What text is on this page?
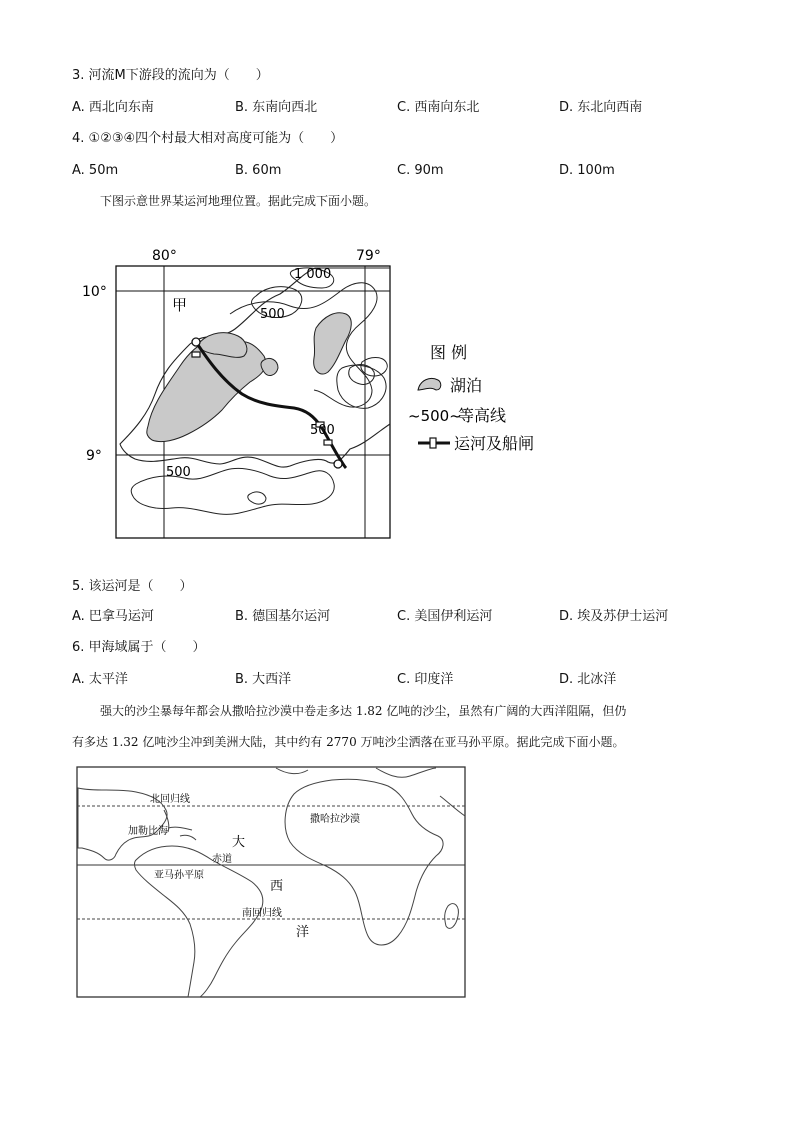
3. 河流M下游段的流向为（　　）
A. 西北向东南	B. 东南向西北	C. 西南向东北	D. 东北向西南
4. ①②③④四个村最大相对高度可能为（　　）
A. 50m	B. 60m	C. 90m	D. 100m
下图示意世界某运河地理位置。据此完成下面小题。
80°	79°
10°
9°
甲
1 000
500
500
500
图 例
湖泊
~500~
等高线
运河及船闸
5. 该运河是（　　）
A. 巴拿马运河	B. 德国基尔运河	C. 美国伊利运河	D. 埃及苏伊士运河
6. 甲海域属于（　　）
A. 太平洋	B. 大西洋	C. 印度洋	D. 北冰洋
强大的沙尘暴每年都会从撒哈拉沙漠中卷走多达 1.82 亿吨的沙尘，虽然有广阔的大西洋阻隔，但仍
有多达 1.32 亿吨沙尘冲到美洲大陆，其中约有 2770 万吨沙尘洒落在亚马孙平原。据此完成下面小题。
北回归线
撒哈拉沙漠
加勒比海
大
赤道
亚马孙平原
西
南回归线
洋
